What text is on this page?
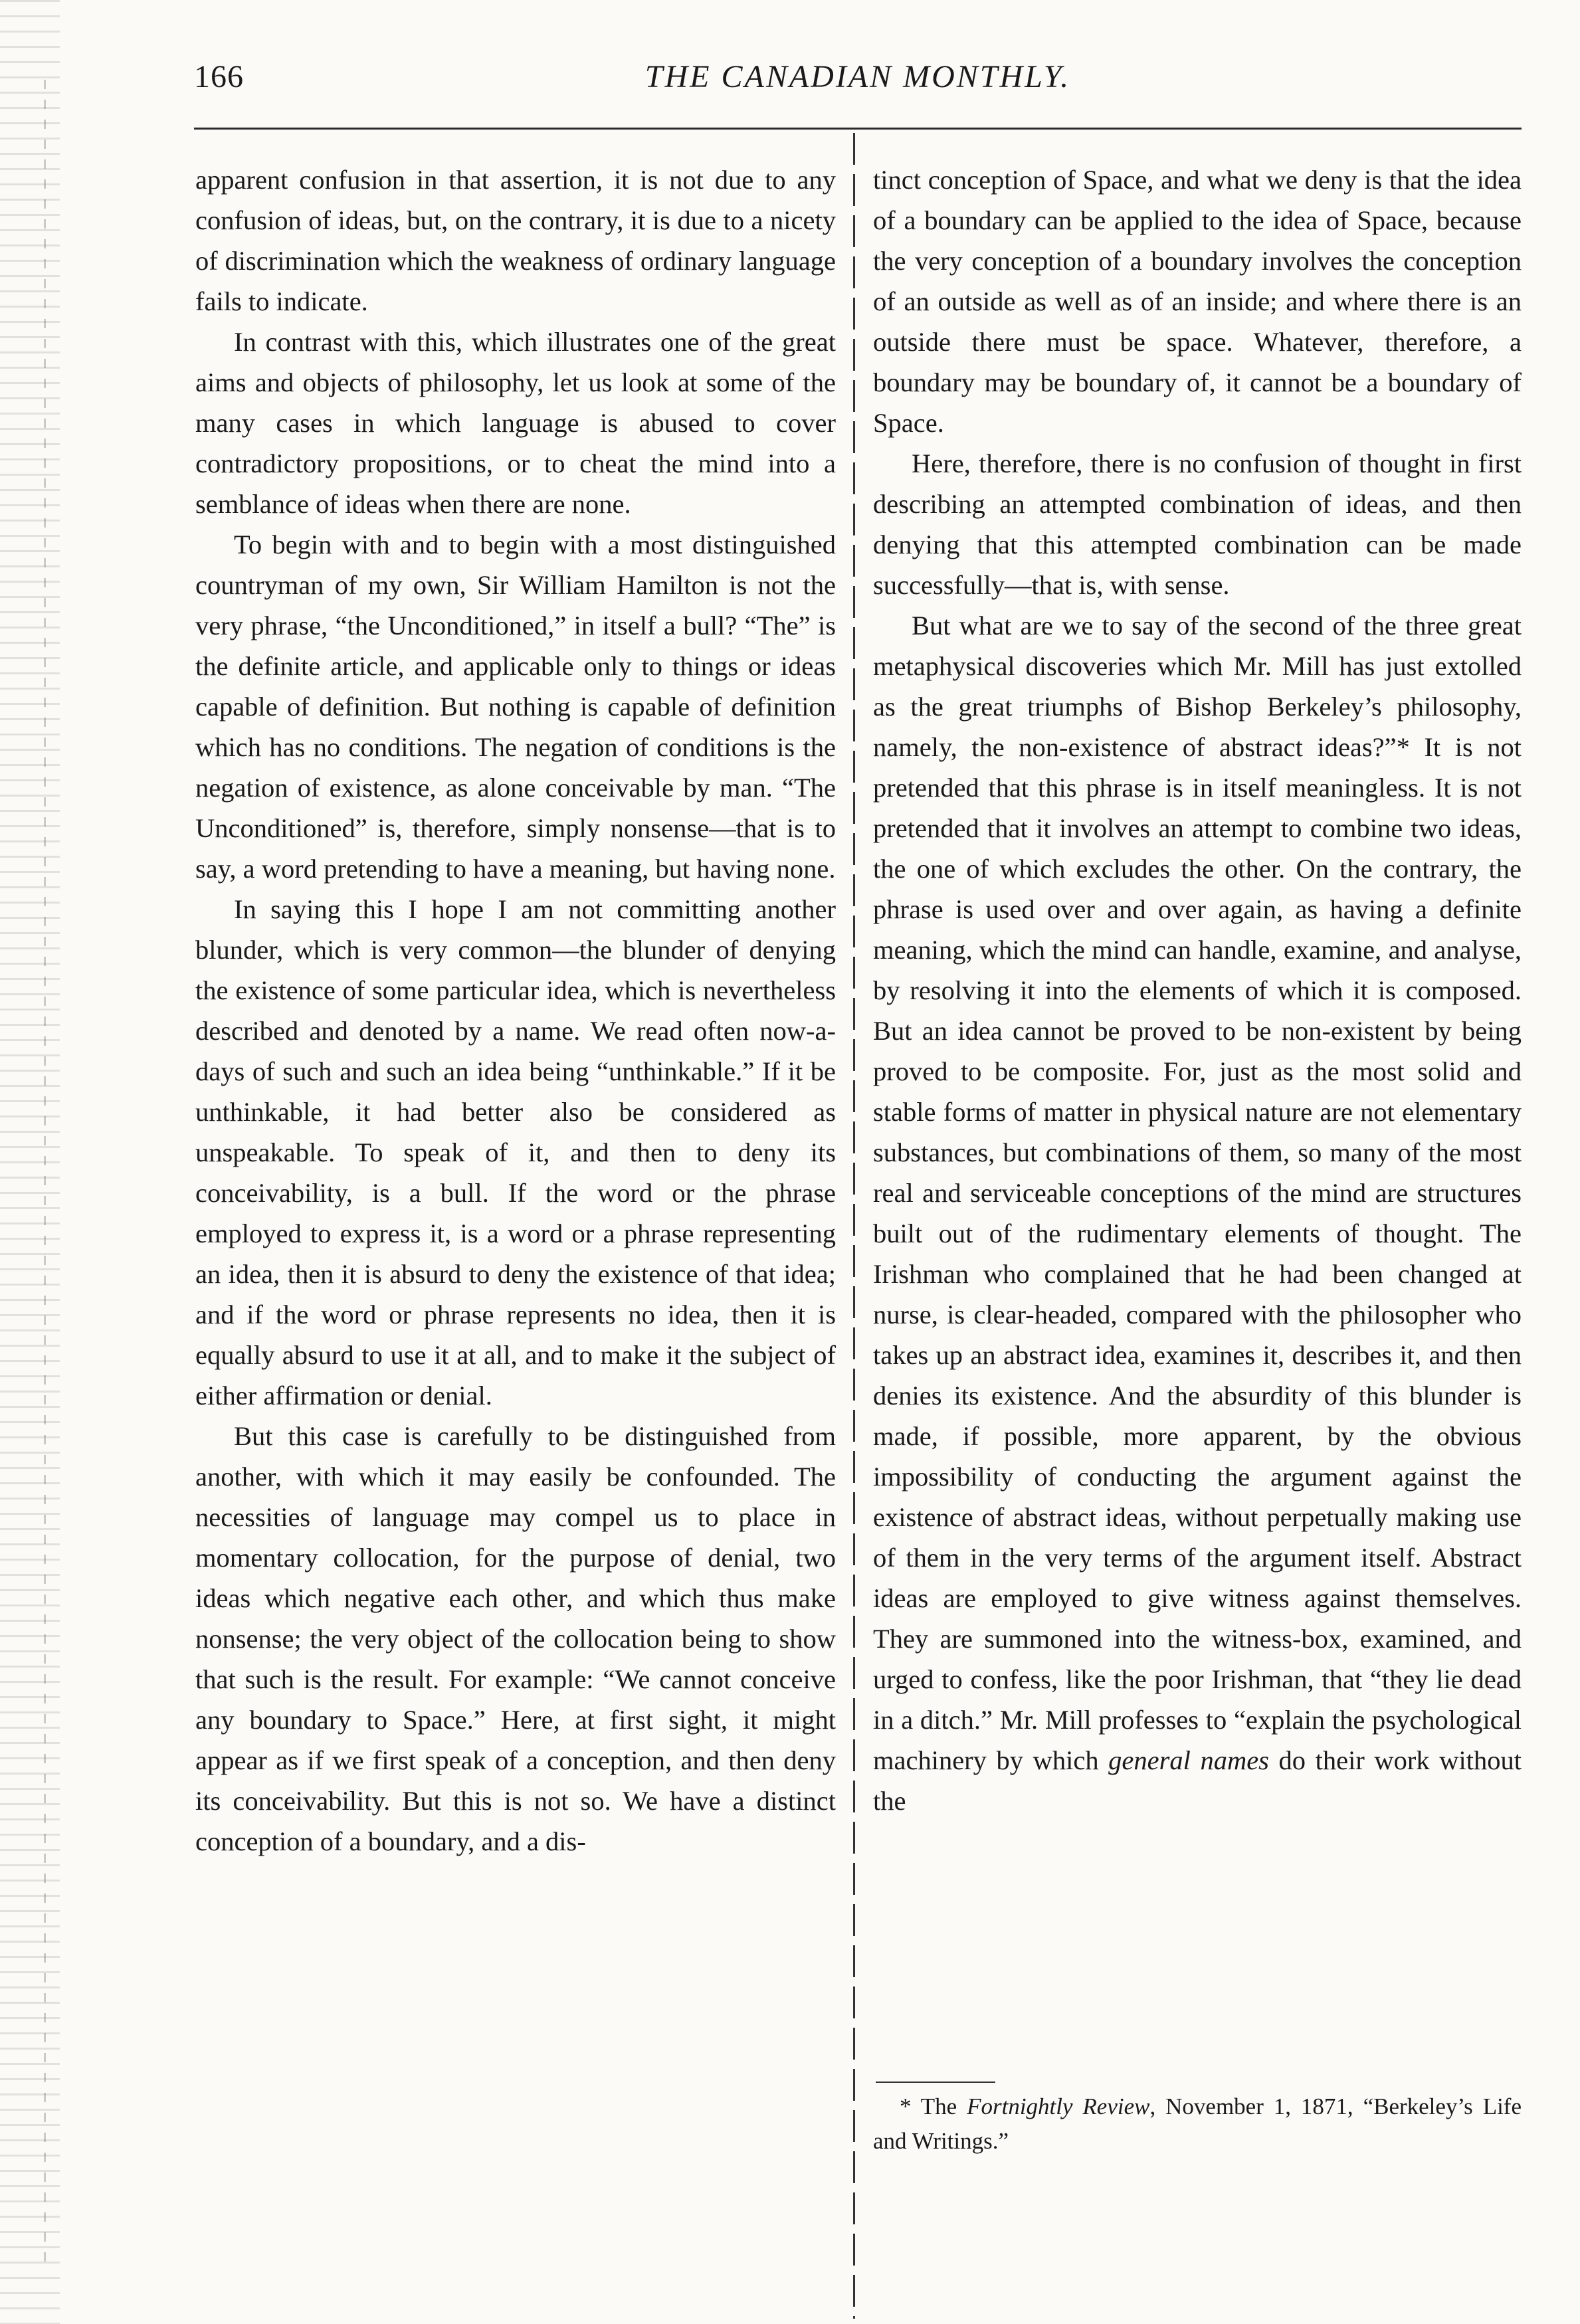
166	THE CANADIAN MONTHLY.

apparent confusion in that assertion, it is not due to any confusion of ideas, but, on the contrary, it is due to a nicety of discrimination which the weakness of ordinary language fails to indicate.

In contrast with this, which illustrates one of the great aims and objects of philosophy, let us look at some of the many cases in which language is abused to cover contradictory propositions, or to cheat the mind into a semblance of ideas when there are none.

To begin with and to begin with a most distinguished countryman of my own, Sir William Hamilton is not the very phrase, “the Unconditioned,” in itself a bull? “The” is the definite article, and applicable only to things or ideas capable of definition. But nothing is capable of definition which has no conditions. The negation of conditions is the negation of existence, as alone conceivable by man. “The Unconditioned” is, therefore, simply nonsense—that is to say, a word pretending to have a meaning, but having none.

In saying this I hope I am not committing another blunder, which is very common—the blunder of denying the existence of some particular idea, which is nevertheless described and denoted by a name. We read often now-a-days of such and such an idea being “unthinkable.” If it be unthinkable, it had better also be considered as unspeakable. To speak of it, and then to deny its conceivability, is a bull. If the word or the phrase employed to express it, is a word or a phrase representing an idea, then it is absurd to deny the existence of that idea; and if the word or phrase represents no idea, then it is equally absurd to use it at all, and to make it the subject of either affirmation or denial.

But this case is carefully to be distinguished from another, with which it may easily be confounded. The necessities of language may compel us to place in momentary collocation, for the purpose of denial, two ideas which negative each other, and which thus make nonsense; the very object of the collocation being to show that such is the result. For example: “We cannot conceive any boundary to Space.” Here, at first sight, it might appear as if we first speak of a conception, and then deny its conceivability. But this is not so. We have a distinct conception of a boundary, and a dis-

tinct conception of Space, and what we deny is that the idea of a boundary can be applied to the idea of Space, because the very conception of a boundary involves the conception of an outside as well as of an inside; and where there is an outside there must be space. Whatever, therefore, a boundary may be boundary of, it cannot be a boundary of Space.

Here, therefore, there is no confusion of thought in first describing an attempted combination of ideas, and then denying that this attempted combination can be made successfully—that is, with sense.

But what are we to say of the second of the three great metaphysical discoveries which Mr. Mill has just extolled as the great triumphs of Bishop Berkeley’s philosophy, namely, the non-existence of abstract ideas?”* It is not pretended that this phrase is in itself meaningless. It is not pretended that it involves an attempt to combine two ideas, the one of which excludes the other. On the contrary, the phrase is used over and over again, as having a definite meaning, which the mind can handle, examine, and analyse, by resolving it into the elements of which it is composed. But an idea cannot be proved to be non-existent by being proved to be composite. For, just as the most solid and stable forms of matter in physical nature are not elementary substances, but combinations of them, so many of the most real and serviceable conceptions of the mind are structures built out of the rudimentary elements of thought. The Irishman who complained that he had been changed at nurse, is clear-headed, compared with the philosopher who takes up an abstract idea, examines it, describes it, and then denies its existence. And the absurdity of this blunder is made, if possible, more apparent, by the obvious impossibility of conducting the argument against the existence of abstract ideas, without perpetually making use of them in the very terms of the argument itself. Abstract ideas are employed to give witness against themselves. They are summoned into the witness-box, examined, and urged to confess, like the poor Irishman, that “they lie dead in a ditch.” Mr. Mill professes to “explain the psychological machinery by which general names do their work without the

* The Fortnightly Review, November 1, 1871, “Berkeley’s Life and Writings.”
